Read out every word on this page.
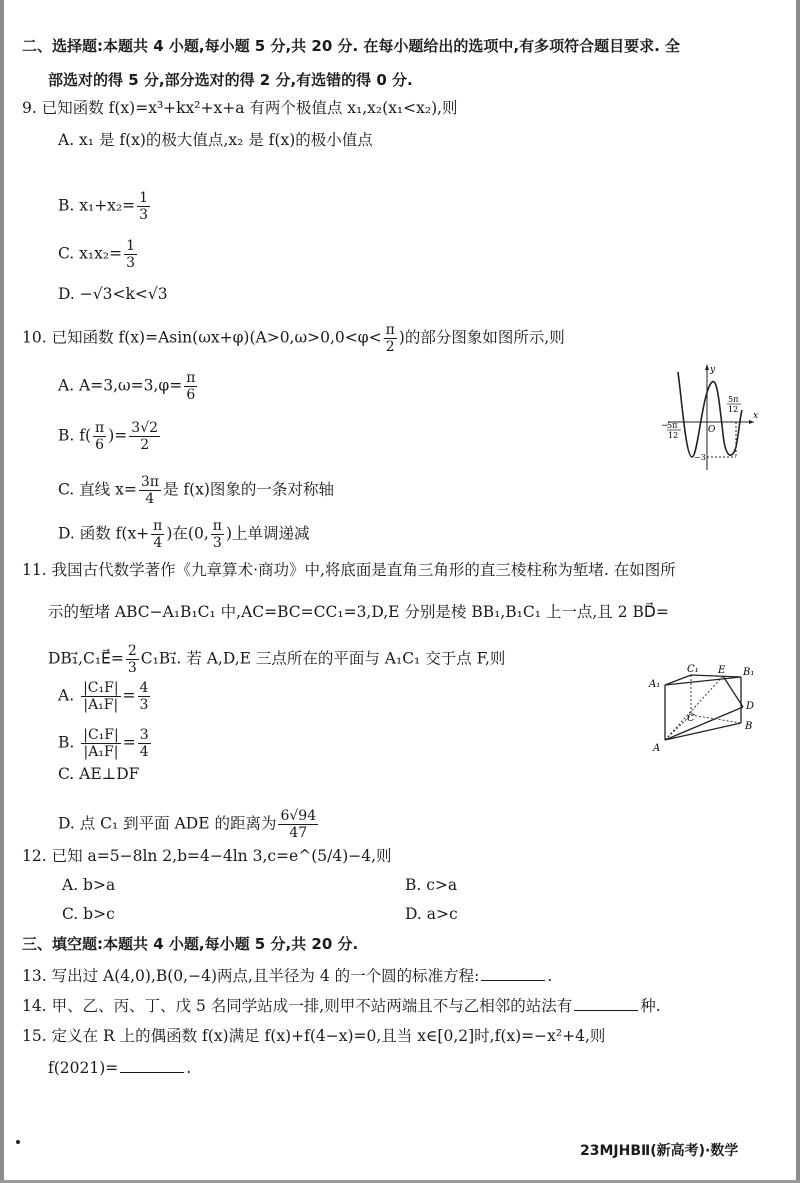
二、选择题:本题共 4 小题,每小题 5 分,共 20 分. 在每小题给出的选项中,有多项符合题目要求. 全
部选对的得 5 分,部分选对的得 2 分,有选错的得 0 分.
9. 已知函数 f(x)=x³+kx²+x+a 有两个极值点 x₁,x₂(x₁<x₂),则
A. x₁ 是 f(x)的极大值点,x₂ 是 f(x)的极小值点
B. $x_1+x_2= \frac{1}{3}$
C. $x_1x_2= \frac{1}{3}$
D. −√3<k<√3
10. 已知函数 $f(x)=Asin(\omega x+\varphi)(A>0,\omega>0,0<\varphi< \frac{\pi}{2}$ )的部分图象如图所示,则
A. $A=3,\omega=3,\varphi= \frac{\pi}{6}$
B. $f( \frac{\pi}{6}$ )= $\frac{3√2}{2}$
C. 直线 $x= \frac{3\pi}{4}$ 是 f(x)图象的一条对称轴
D. 函数 $f(x+ \frac{\pi}{4}$ )在(0, $\frac{\pi}{3}$ )上单调递减
y
x
O
−
5π
12
5π
12
−3
11. 我国古代数学著作《九章算术·商功》中,将底面是直角三角形的直三棱柱称为堑堵. 在如图所
示的堑堵 ABC−A₁B₁C₁ 中,AC=BC=CC₁=3,D,E 分别是棱 BB₁,B₁C₁ 上一点,且 2 BD⃗=
DB₁⃗,C₁E⃗= $\frac{2}{3}$ C₁B₁⃗. 若 A,D,E 三点所在的平面与 A₁C₁ 交于点 F,则
A. $\frac{\text{|C₁F|}}{\text{|A₁F|}} = \frac{4}{3}$
B. $\frac{\text{|C₁F|}}{\text{|A₁F|}} = \frac{3}{4}$
C. AE⊥DF
D. 点 C₁ 到平面 ADE 的距离为 $\frac{6√94}{47}$
A
B
C
D
E
A₁
B₁
C₁
12. 已知 a=5−8ln 2,b=4−4ln 3,c=e^(5/4)−4,则
A. b>a	B. c>a
C. b>c	D. a>c
三、填空题:本题共 4 小题,每小题 5 分,共 20 分.
13. 写出过 A(4,0),B(0,−4)两点,且半径为 4 的一个圆的标准方程:	.
14. 甲、乙、丙、丁、戊 5 名同学站成一排,则甲不站两端且不与乙相邻的站法有	种.
15. 定义在 R 上的偶函数 f(x)满足 f(x)+f(4−x)=0,且当 x∈[0,2]时,f(x)=−x²+4,则
f(2021)=	.
23MJHBⅡ(新高考)·数学
